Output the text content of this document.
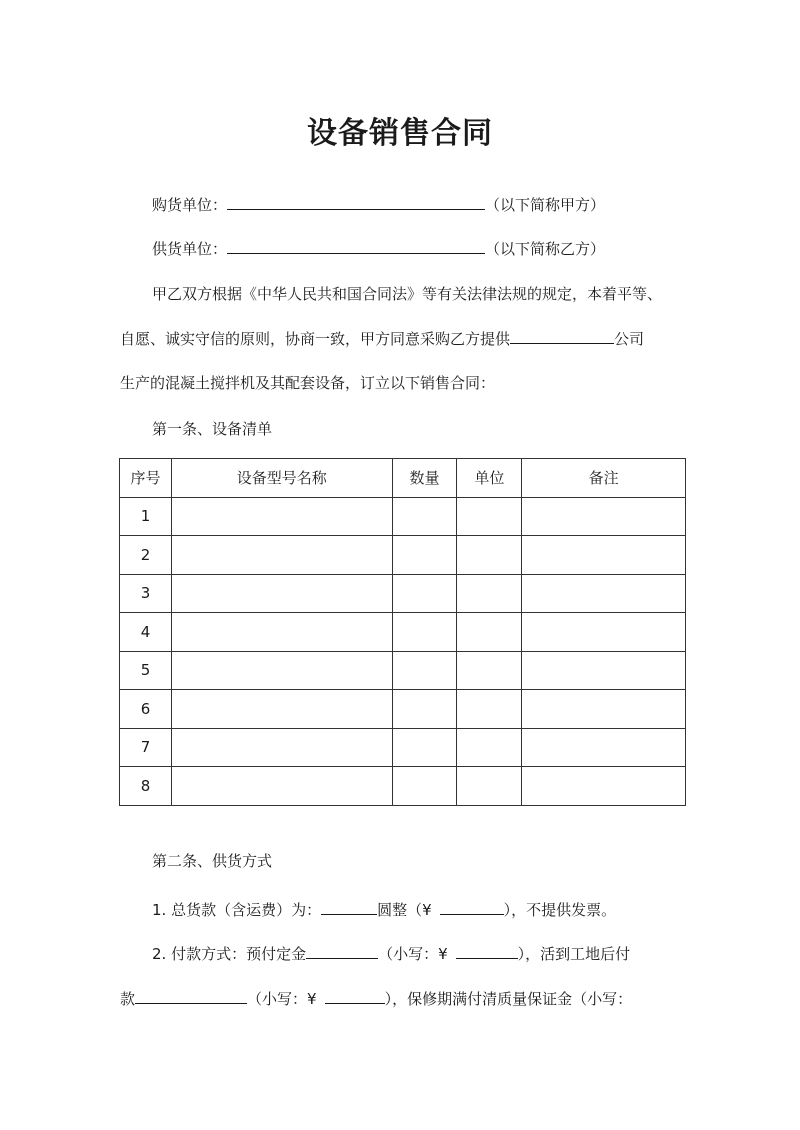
设备销售合同
购货单位：	（以下简称甲方）
供货单位：	（以下简称乙方）
甲乙双方根据《中华人民共和国合同法》等有关法律法规的规定，本着平等、
自愿、诚实守信的原则，协商一致，甲方同意采购乙方提供	公司
生产的混凝土搅拌机及其配套设备，订立以下销售合同：
第一条、设备清单
序号	设备型号名称	数量	单位	备注
1				
2				
3				
4				
5				
6				
7				
8				
第二条、供货方式
1. 总货款（含运费）为：	圆整（¥	），不提供发票。
2. 付款方式：预付定金	（小写：¥	），活到工地后付
款	（小写：¥	），保修期满付清质量保证金（小写：
